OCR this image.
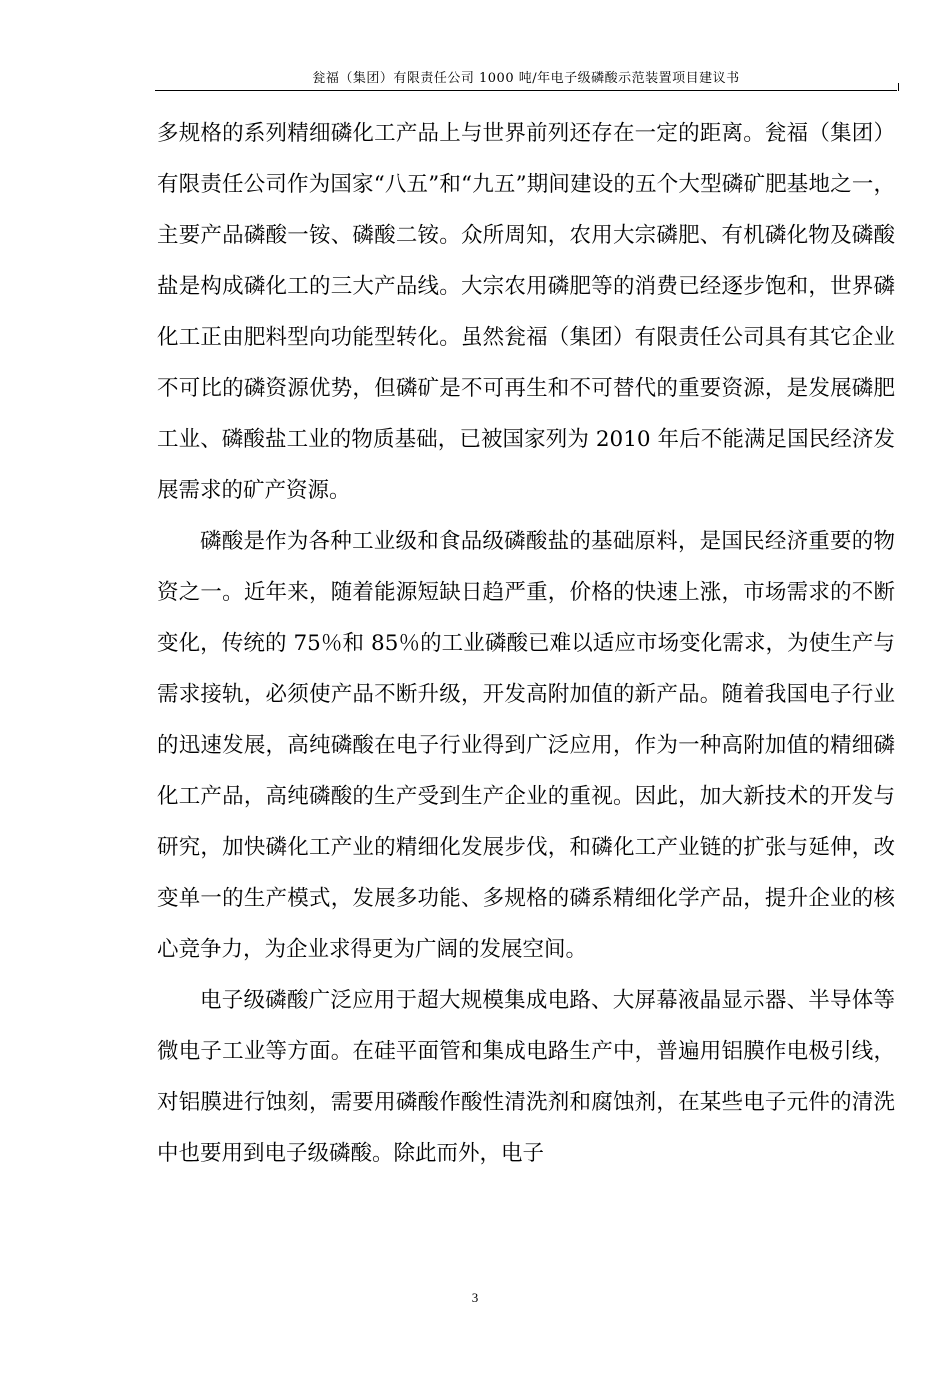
瓮福（集团）有限责任公司 1000 吨/年电子级磷酸示范装置项目建议书

多规格的系列精细磷化工产品上与世界前列还存在一定的距离。瓮福（集团）有限责任公司作为国家“八五”和“九五”期间建设的五个大型磷矿肥基地之一，主要产品磷酸一铵、磷酸二铵。众所周知，农用大宗磷肥、有机磷化物及磷酸盐是构成磷化工的三大产品线。大宗农用磷肥等的消费已经逐步饱和，世界磷化工正由肥料型向功能型转化。虽然瓮福（集团）有限责任公司具有其它企业不可比的磷资源优势，但磷矿是不可再生和不可替代的重要资源，是发展磷肥工业、磷酸盐工业的物质基础，已被国家列为 2010 年后不能满足国民经济发展需求的矿产资源。

磷酸是作为各种工业级和食品级磷酸盐的基础原料，是国民经济重要的物资之一。近年来，随着能源短缺日趋严重，价格的快速上涨，市场需求的不断变化，传统的 75％和 85％的工业磷酸已难以适应市场变化需求，为使生产与需求接轨，必须使产品不断升级，开发高附加值的新产品。随着我国电子行业的迅速发展，高纯磷酸在电子行业得到广泛应用，作为一种高附加值的精细磷化工产品，高纯磷酸的生产受到生产企业的重视。因此，加大新技术的开发与研究，加快磷化工产业的精细化发展步伐，和磷化工产业链的扩张与延伸，改变单一的生产模式，发展多功能、多规格的磷系精细化学产品，提升企业的核心竞争力，为企业求得更为广阔的发展空间。

电子级磷酸广泛应用于超大规模集成电路、大屏幕液晶显示器、半导体等微电子工业等方面。在硅平面管和集成电路生产中，普遍用铝膜作电极引线，对铝膜进行蚀刻，需要用磷酸作酸性清洗剂和腐蚀剂，在某些电子元件的清洗中也要用到电子级磷酸。除此而外，电子

3
